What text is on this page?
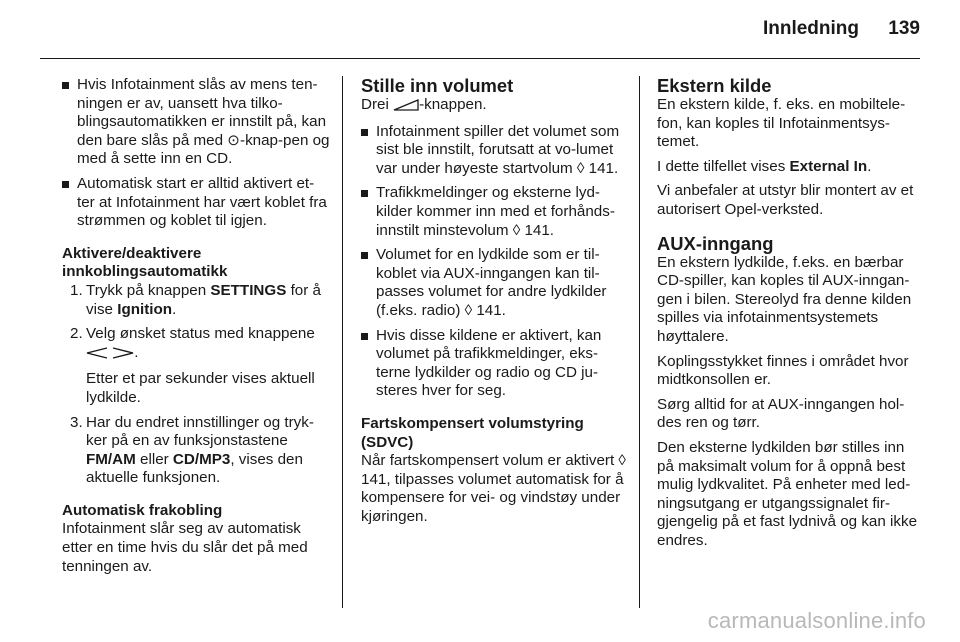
Innledning 139
Hvis Infotainment slås av mens ten-ningen er av, uansett hva tilko-blingsautomatikken er innstilt på, kan den bare slås på med ⊙-knap-pen og med å sette inn en CD.
Automatisk start er alltid aktivert et-ter at Infotainment har vært koblet fra strømmen og koblet til igjen.
Aktivere/deaktivere
innkoblingsautomatikk
1. Trykk på knappen SETTINGS for å vise Ignition.
2. Velg ønsket status med knappene
.
Etter et par sekunder vises aktuell lydkilde.
3. Har du endret innstillinger og tryk-ker på en av funksjonstastene FM/AM eller CD/MP3, vises den aktuelle funksjonen.
Automatisk frakobling
Infotainment slår seg av automatisk etter en time hvis du slår det på med tenningen av.
Stille inn volumet
Drei -knappen.
Infotainment spiller det volumet som sist ble innstilt, forutsatt at vo-lumet var under høyeste startvolum ◊ 141.
Trafikkmeldinger og eksterne lyd-kilder kommer inn med et forhånds-innstilt minstevolum ◊ 141.
Volumet for en lydkilde som er til-koblet via AUX-inngangen kan til-passes volumet for andre lydkilder (f.eks. radio) ◊ 141.
Hvis disse kildene er aktivert, kan volumet på trafikkmeldinger, eks-terne lydkilder og radio og CD ju-steres hver for seg.
Fartskompensert volumstyring
(SDVC)
Når fartskompensert volum er aktivert ◊ 141, tilpasses volumet automatisk for å kompensere for vei- og vindstøy under kjøringen.
Ekstern kilde
En ekstern kilde, f. eks. en mobiltele-fon, kan koples til Infotainmentsys-temet.
I dette tilfellet vises External In.
Vi anbefaler at utstyr blir montert av et autorisert Opel-verksted.
AUX-inngang
En ekstern lydkilde, f.eks. en bærbar CD-spiller, kan koples til AUX-inngan-gen i bilen. Stereolyd fra denne kilden spilles via infotainmentsystemets høyttalere.
Koplingsstykket finnes i området hvor midtkonsollen er.
Sørg alltid for at AUX-inngangen hol-des ren og tørr.
Den eksterne lydkilden bør stilles inn på maksimalt volum for å oppnå best mulig lydkvalitet. På enheter med led-ningsutgang er utgangssignalet fir-gjengelig på et fast lydnivå og kan ikke endres.
carmanualsonline.info
